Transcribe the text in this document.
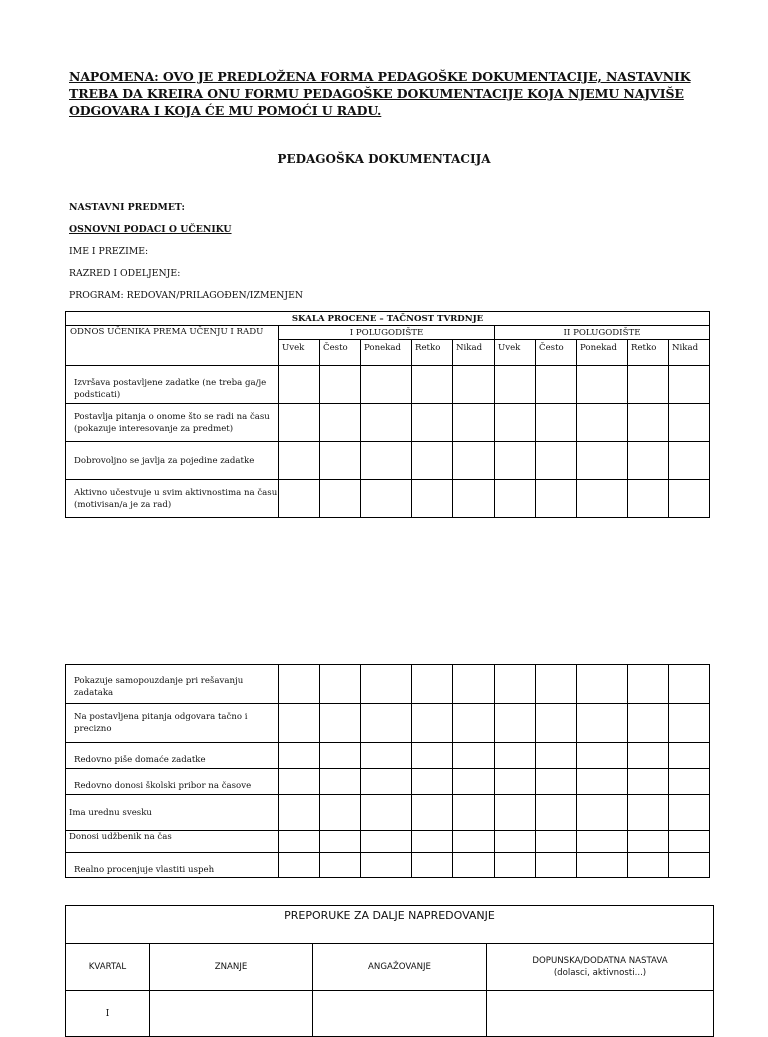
NAPOMENA: OVO JE PREDLOŽENA FORMA PEDAGOŠKE DOKUMENTACIJE, NASTAVNIK TREBA DA KREIRA ONU FORMU PEDAGOŠKE DOKUMENTACIJE KOJA NJEMU NAJVIŠE ODGOVARA I KOJA ĆE MU POMOĆI U RADU.
PEDAGOŠKA DOKUMENTACIJA
NASTAVNI PREDMET:
OSNOVNI PODACI O UČENIKU
IME I PREZIME:
RAZRED I ODELJENJE:
PROGRAM: REDOVAN/PRILAGOĐEN/IZMENJEN
SKALA PROCENE – TAČNOST TVRDNJE										
ODNOS UČENIKA PREMA UČENJU I RADU	I POLUGODIŠTE					II POLUGODIŠTE				
	Uvek	Često	Ponekad	Retko	Nikad	Uvek	Često	Ponekad	Retko	Nikad
Izvršava postavljene zadatke (ne treba ga/je podsticati)										
Postavlja pitanja o onome što se radi na času (pokazuje interesovanje za predmet)										
Dobrovoljno se javlja za pojedine zadatke										
Aktivno učestvuje u svim aktivnostima na času (motivisan/a je za rad)										
Pokazuje samopouzdanje pri rešavanju zadataka										
Na postavljena pitanja odgovara tačno i precizno										
Redovno piše domaće zadatke										
Redovno donosi školski pribor na časove										
Ima urednu svesku										
Donosi udžbenik na čas										
Realno procenjuje vlastiti uspeh										
PREPORUKE ZA DALJE NAPREDOVANJE			
KVARTAL	ZNANJE	ANGAŽOVANJE	DOPUNSKA/DODATNA NASTAVA
(dolasci, aktivnosti...)

I			
